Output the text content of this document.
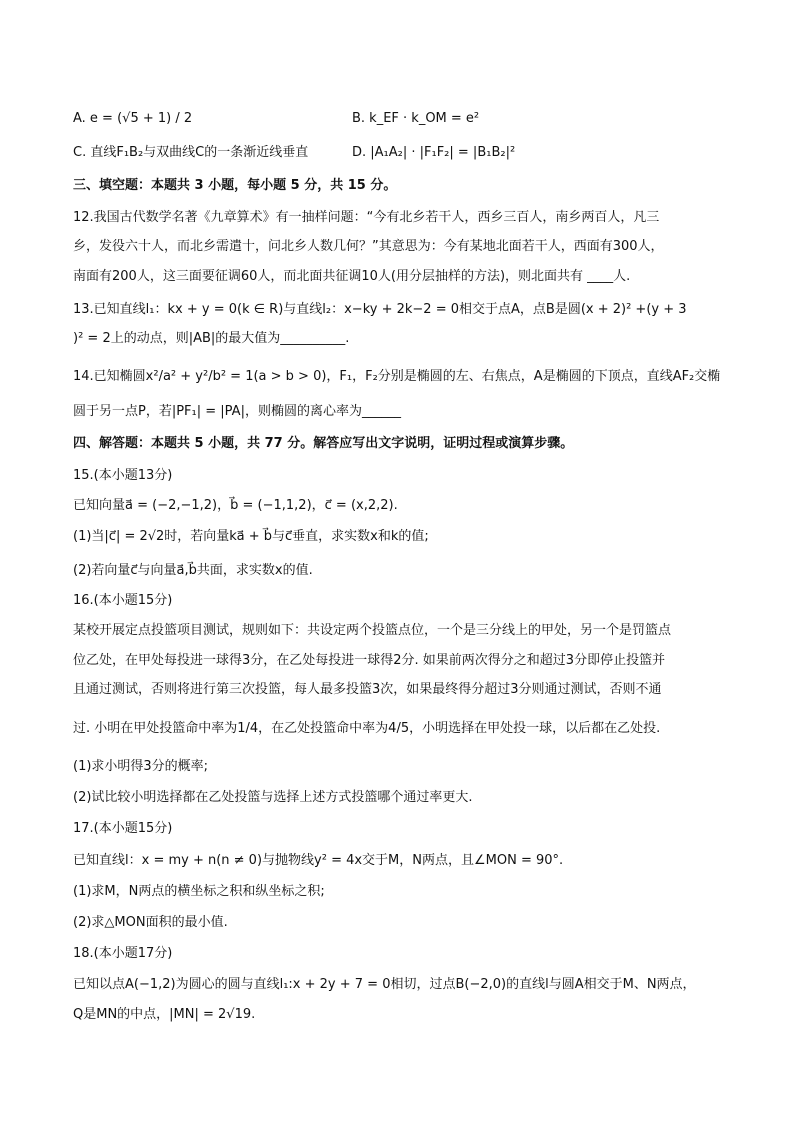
A. e = (√5 + 1) / 2	B. k_EF · k_OM = e²
C. 直线F₁B₂与双曲线C的一条渐近线垂直	D. |A₁A₂| · |F₁F₂| = |B₁B₂|²
三、填空题：本题共 3 小题，每小题 5 分，共 15 分。
12.我国古代数学名著《九章算术》有一抽样问题：“今有北乡若干人，西乡三百人，南乡两百人，凡三
乡，发役六十人，而北乡需遣十，问北乡人数几何？”其意思为：今有某地北面若干人，西面有300人，
南面有200人，这三面要征调60人，而北面共征调10人(用分层抽样的方法)，则北面共有 ____人.
13.已知直线l₁：kx + y = 0(k ∈ R)与直线l₂：x−ky + 2k−2 = 0相交于点A，点B是圆(x + 2)² +(y + 3
)² = 2上的动点，则|AB|的最大值为__________.
14.已知椭圆x²/a² + y²/b² = 1(a > b > 0)，F₁，F₂分别是椭圆的左、右焦点，A是椭圆的下顶点，直线AF₂交椭
圆于另一点P，若|PF₁| = |PA|，则椭圆的离心率为______
四、解答题：本题共 5 小题，共 77 分。解答应写出文字说明，证明过程或演算步骤。
15.(本小题13分)
已知向量a⃗ = (−2,−1,2)，b⃗ = (−1,1,2)，c⃗ = (x,2,2).
(1)当|c⃗| = 2√2时，若向量ka⃗ + b⃗与c⃗垂直，求实数x和k的值;
(2)若向量c⃗与向量a⃗,b⃗共面，求实数x的值.
16.(本小题15分)
某校开展定点投篮项目测试，规则如下：共设定两个投篮点位，一个是三分线上的甲处，另一个是罚篮点
位乙处，在甲处每投进一球得3分，在乙处每投进一球得2分. 如果前两次得分之和超过3分即停止投篮并
且通过测试，否则将进行第三次投篮，每人最多投篮3次，如果最终得分超过3分则通过测试，否则不通
过. 小明在甲处投篮命中率为1/4，在乙处投篮命中率为4/5，小明选择在甲处投一球，以后都在乙处投.
(1)求小明得3分的概率;
(2)试比较小明选择都在乙处投篮与选择上述方式投篮哪个通过率更大.
17.(本小题15分)
已知直线l：x = my + n(n ≠ 0)与抛物线y² = 4x交于M，N两点，且∠MON = 90°.
(1)求M，N两点的横坐标之积和纵坐标之积;
(2)求△MON面积的最小值.
18.(本小题17分)
已知以点A(−1,2)为圆心的圆与直线l₁:x + 2y + 7 = 0相切，过点B(−2,0)的直线l与圆A相交于M、N两点，
Q是MN的中点，|MN| = 2√19.
